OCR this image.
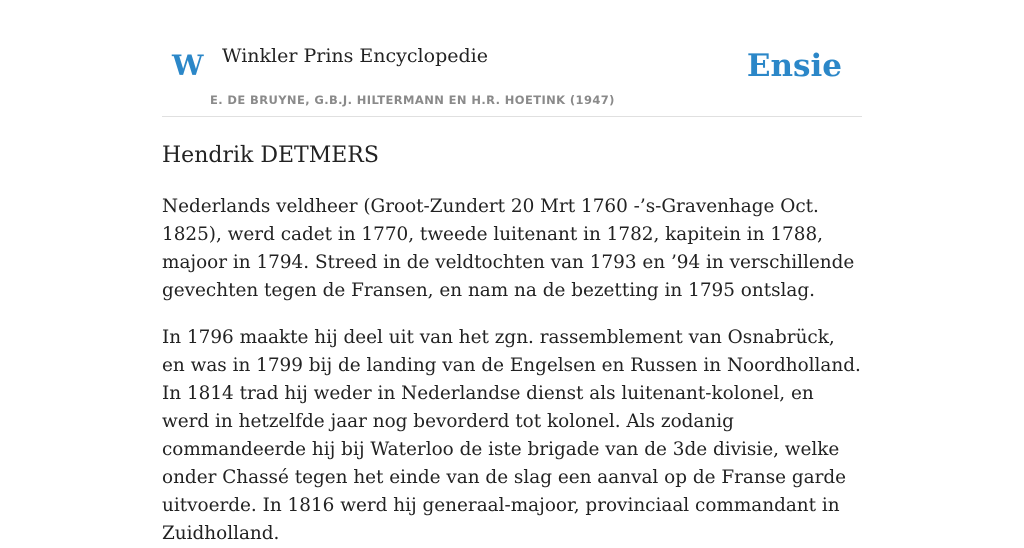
W Winkler Prins Encyclopedie
E. DE BRUYNE, G.B.J. HILTERMANN EN H.R. HOETINK (1947)
Ensie
Hendrik DETMERS

Nederlands veldheer (Groot-Zundert 20 Mrt 1760 -’s-Gravenhage Oct. 1825), werd cadet in 1770, tweede luitenant in 1782, kapitein in 1788, majoor in 1794. Streed in de veldtochten van 1793 en ’94 in verschillende gevechten tegen de Fransen, en nam na de bezetting in 1795 ontslag.

In 1796 maakte hij deel uit van het zgn. rassemblement van Osnabrück, en was in 1799 bij de landing van de Engelsen en Russen in Noordholland. In 1814 trad hij weder in Nederlandse dienst als luitenant-kolonel, en werd in hetzelfde jaar nog bevorderd tot kolonel. Als zodanig commandeerde hij bij Waterloo de iste brigade van de 3de divisie, welke onder Chassé tegen het einde van de slag een aanval op de Franse garde uitvoerde. In 1816 werd hij generaal-majoor, provinciaal commandant in Zuidholland.
